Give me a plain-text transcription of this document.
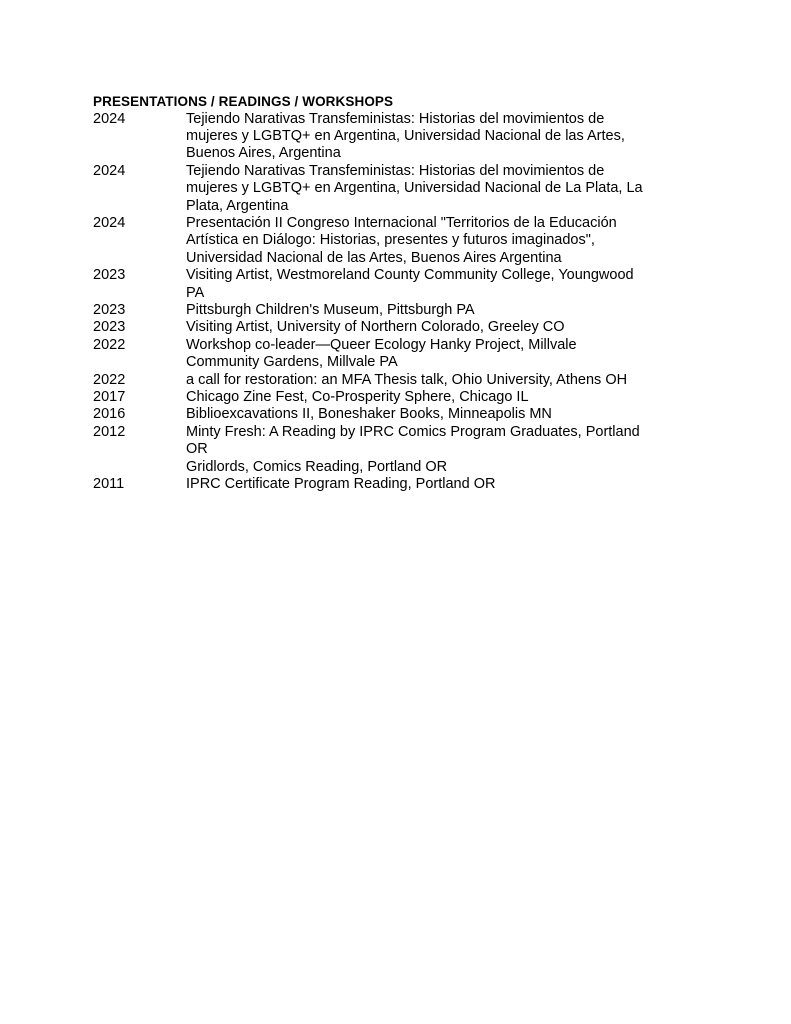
PRESENTATIONS / READINGS / WORKSHOPS
2024	Tejiendo Narativas Transfeministas: Historias del movimientos de
mujeres y LGBTQ+ en Argentina, Universidad Nacional de las Artes,
Buenos Aires, Argentina
2024	Tejiendo Narativas Transfeministas: Historias del movimientos de
mujeres y LGBTQ+ en Argentina, Universidad Nacional de La Plata, La
Plata, Argentina
2024	Presentación II Congreso Internacional "Territorios de la Educación
Artística en Diálogo: Historias, presentes y futuros imaginados",
Universidad Nacional de las Artes, Buenos Aires Argentina
2023	Visiting Artist, Westmoreland County Community College, Youngwood
PA
2023	Pittsburgh Children's Museum, Pittsburgh PA
2023	Visiting Artist, University of Northern Colorado, Greeley CO
2022	Workshop co-leader—Queer Ecology Hanky Project, Millvale
Community Gardens, Millvale PA
2022	a call for restoration: an MFA Thesis talk, Ohio University, Athens OH
2017	Chicago Zine Fest, Co-Prosperity Sphere, Chicago IL
2016	Biblioexcavations II, Boneshaker Books, Minneapolis MN
2012	Minty Fresh: A Reading by IPRC Comics Program Graduates, Portland
OR
Gridlords, Comics Reading, Portland OR
2011	IPRC Certificate Program Reading, Portland OR
